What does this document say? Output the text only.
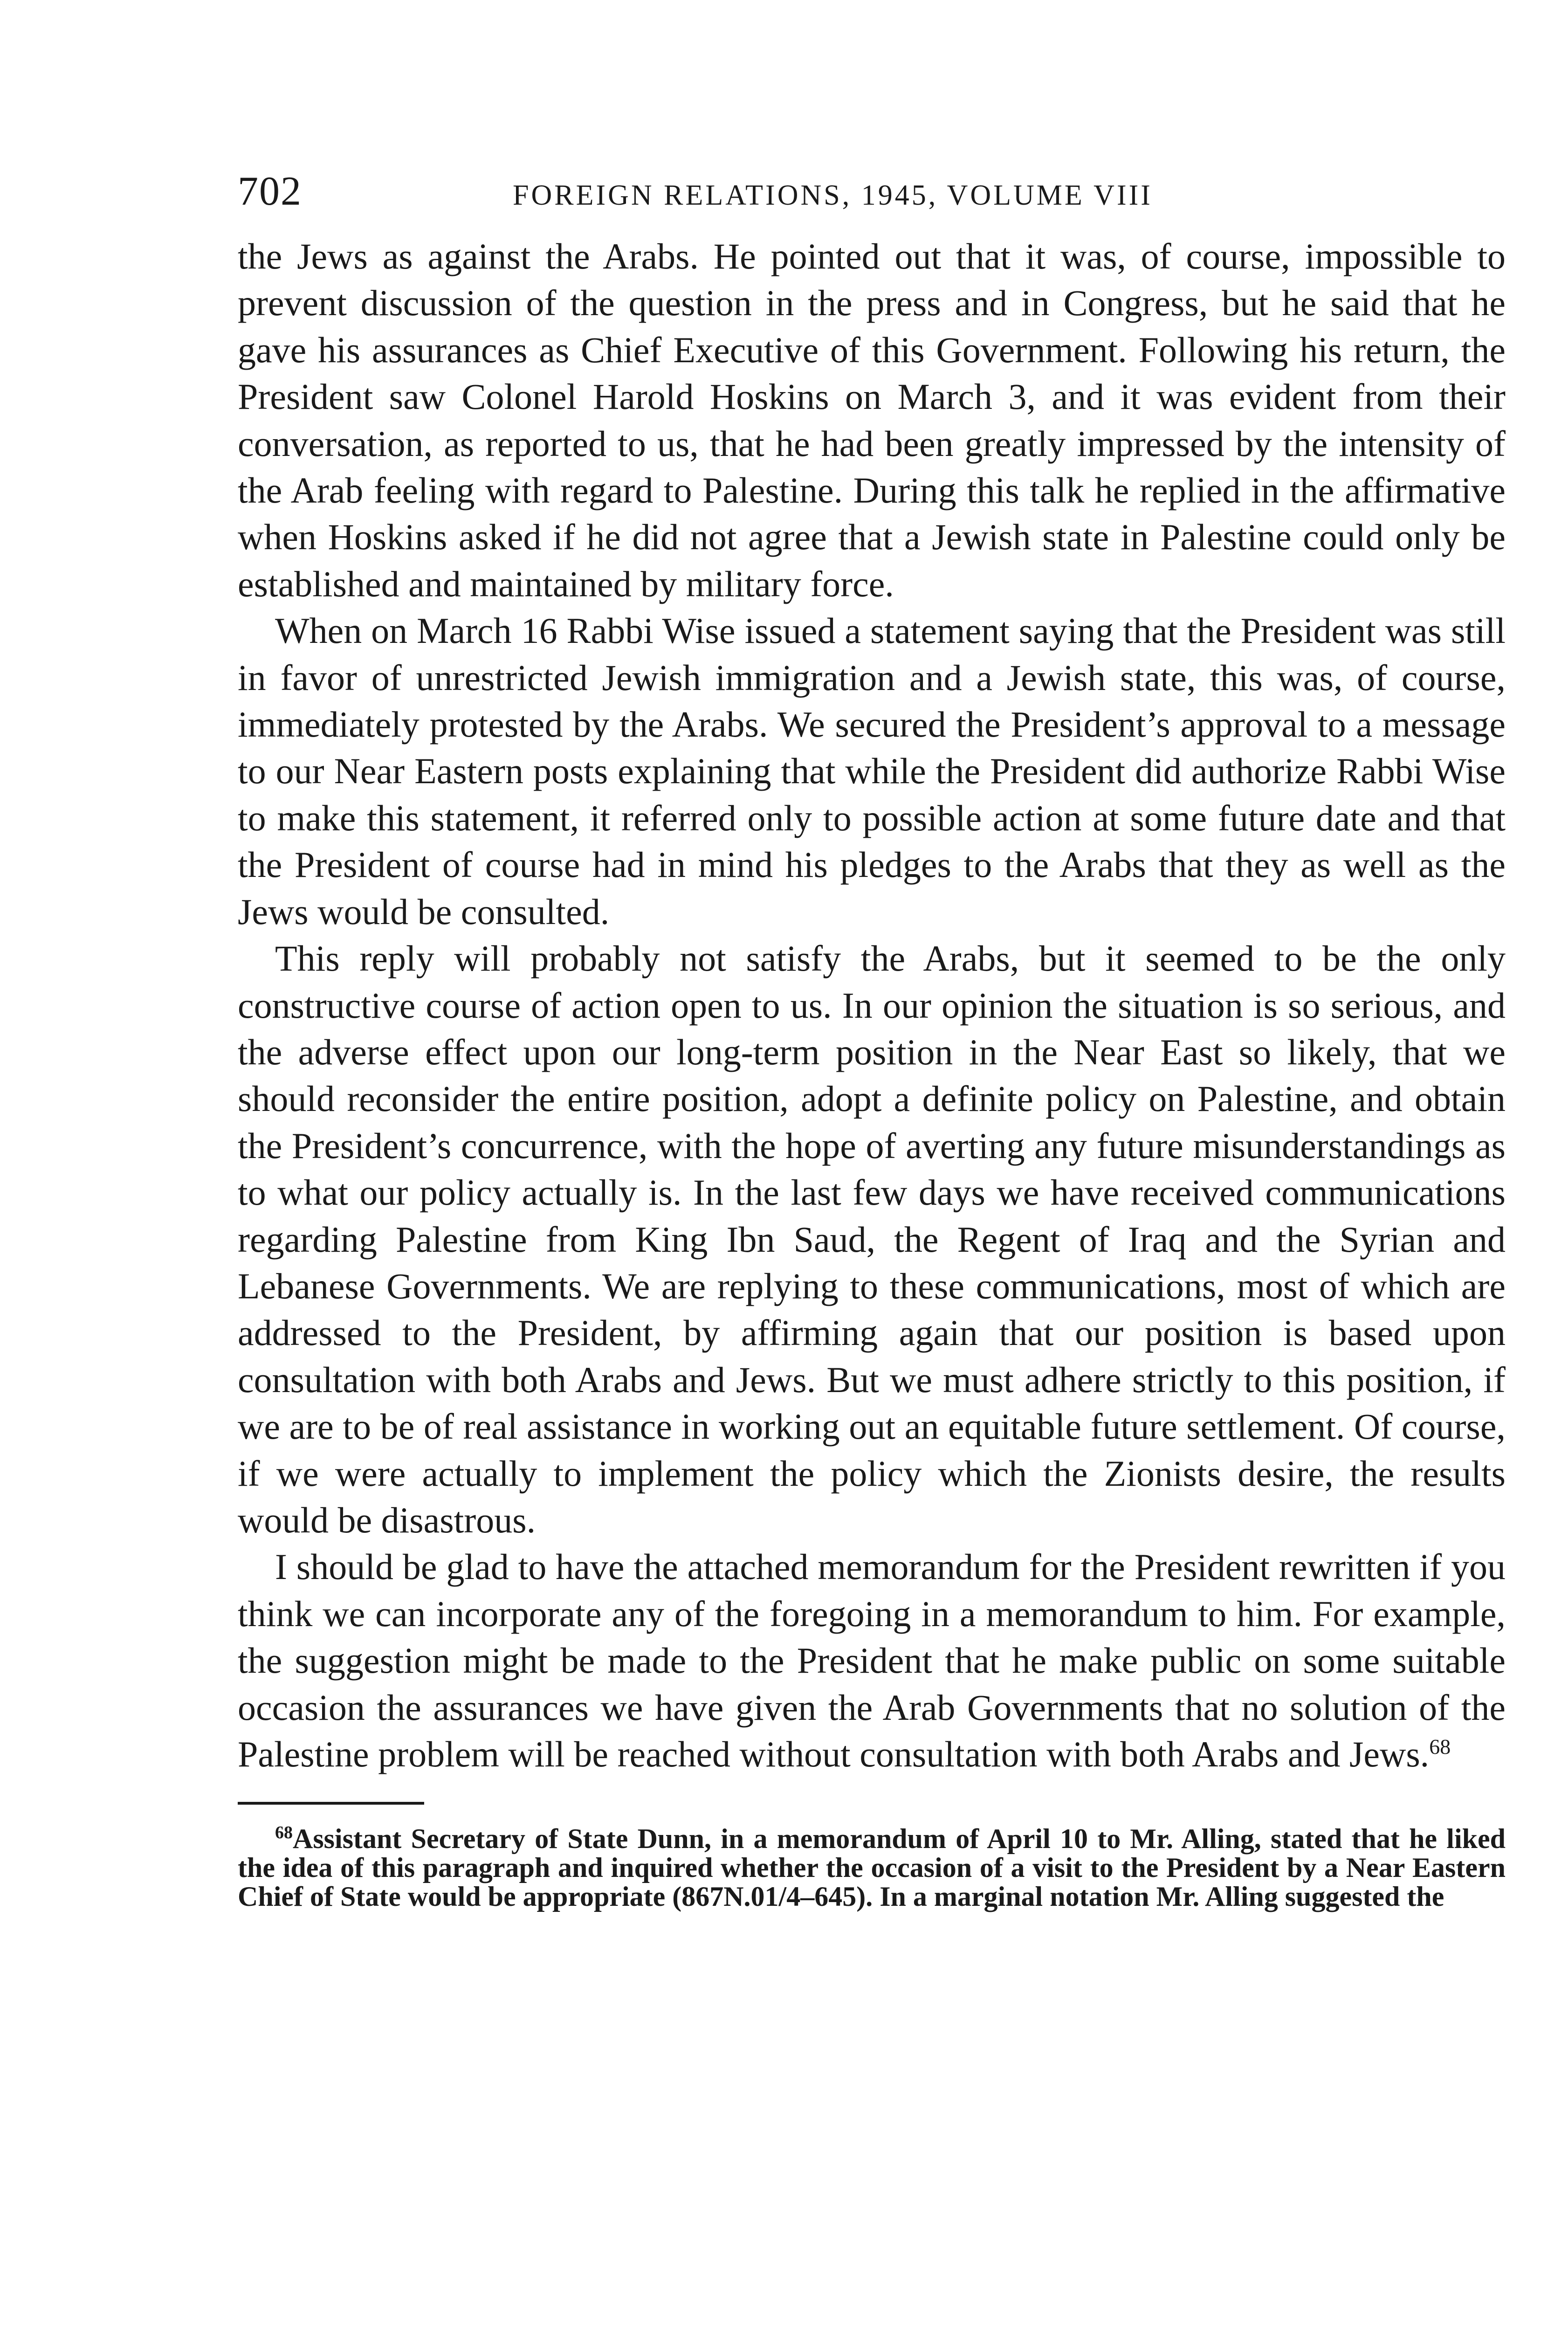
702	FOREIGN RELATIONS, 1945, VOLUME VIII

the Jews as against the Arabs. He pointed out that it was, of course, impossible to prevent discussion of the question in the press and in Congress, but he said that he gave his assurances as Chief Executive of this Government. Following his return, the President saw Colonel Harold Hoskins on March 3, and it was evident from their conversation, as reported to us, that he had been greatly impressed by the intensity of the Arab feeling with regard to Palestine. During this talk he replied in the affirmative when Hoskins asked if he did not agree that a Jewish state in Palestine could only be established and maintained by military force.

When on March 16 Rabbi Wise issued a statement saying that the President was still in favor of unrestricted Jewish immigration and a Jewish state, this was, of course, immediately protested by the Arabs. We secured the President’s approval to a message to our Near Eastern posts explaining that while the President did authorize Rabbi Wise to make this statement, it referred only to possible action at some future date and that the President of course had in mind his pledges to the Arabs that they as well as the Jews would be consulted.

This reply will probably not satisfy the Arabs, but it seemed to be the only constructive course of action open to us. In our opinion the situation is so serious, and the adverse effect upon our long-term position in the Near East so likely, that we should reconsider the entire position, adopt a definite policy on Palestine, and obtain the President’s concurrence, with the hope of averting any future misunderstandings as to what our policy actually is. In the last few days we have received communications regarding Palestine from King Ibn Saud, the Regent of Iraq and the Syrian and Lebanese Governments. We are replying to these communications, most of which are addressed to the President, by affirming again that our position is based upon consultation with both Arabs and Jews. But we must adhere strictly to this position, if we are to be of real assistance in working out an equitable future settlement. Of course, if we were actually to implement the policy which the Zionists desire, the results would be disastrous.

I should be glad to have the attached memorandum for the President rewritten if you think we can incorporate any of the foregoing in a memorandum to him. For example, the suggestion might be made to the President that he make public on some suitable occasion the assurances we have given the Arab Governments that no solution of the Palestine problem will be reached without consultation with both Arabs and Jews.$^{68}$

$^{68}$Assistant Secretary of State Dunn, in a memorandum of April 10 to Mr. Alling, stated that he liked the idea of this paragraph and inquired whether the occasion of a visit to the President by a Near Eastern Chief of State would be appropriate (867N.01/4–645). In a marginal notation Mr. Alling suggested the
